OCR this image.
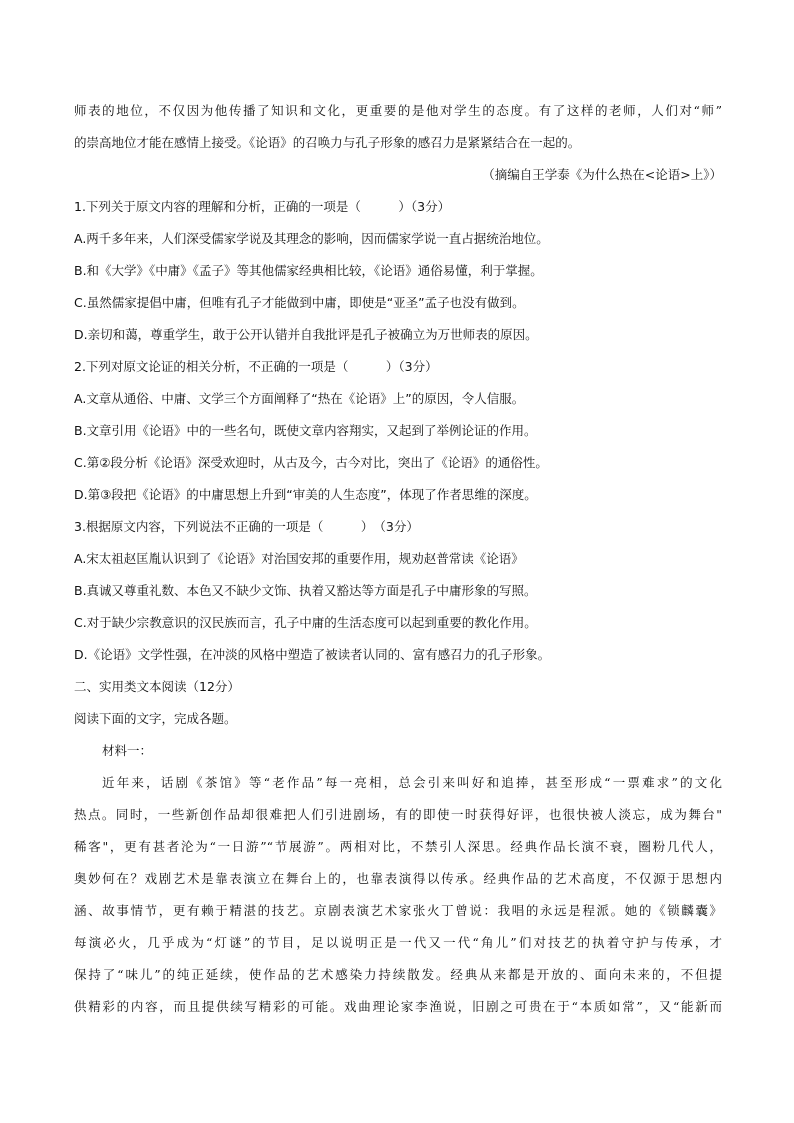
师表的地位，不仅因为他传播了知识和文化，更重要的是他对学生的态度。有了这样的老师，人们对“师”
的崇高地位才能在感情上接受。《论语》的召唤力与孔子形象的感召力是紧紧结合在一起的。
（摘编自王学泰《为什么热在<论语>上》）
1.下列关于原文内容的理解和分析，正确的一项是（　　　）（3分）
A.两千多年来，人们深受儒家学说及其理念的影响，因而儒家学说一直占据统治地位。
B.和《大学》《中庸》《孟子》等其他儒家经典相比较，《论语》通俗易懂，利于掌握。
C.虽然儒家提倡中庸，但唯有孔子才能做到中庸，即使是“亚圣”孟子也没有做到。
D.亲切和蔼，尊重学生，敢于公开认错并自我批评是孔子被确立为万世师表的原因。
2.下列对原文论证的相关分析，不正确的一项是（　　　）（3分）
A.文章从通俗、中庸、文学三个方面阐释了“热在《论语》上”的原因，令人信服。
B.文章引用《论语》中的一些名句，既使文章内容翔实，又起到了举例论证的作用。
C.第②段分析《论语》深受欢迎时，从古及今，古今对比，突出了《论语》的通俗性。
D.第③段把《论语》的中庸思想上升到“审美的人生态度”，体现了作者思维的深度。
3.根据原文内容，下列说法不正确的一项是（　　　）　（3分）
A.宋太祖赵匡胤认识到了《论语》对治国安邦的重要作用，规劝赵普常读《论语》
B.真诚又尊重礼数、本色又不缺少文饰、执着又豁达等方面是孔子中庸形象的写照。
C.对于缺少宗教意识的汉民族而言，孔子中庸的生活态度可以起到重要的教化作用。
D.《论语》文学性强，在冲淡的风格中塑造了被读者认同的、富有感召力的孔子形象。
二、实用类文本阅读（12分）
阅读下面的文字，完成各题。
材料一：
近年来，话剧《茶馆》等“老作品”每一亮相，总会引来叫好和追捧，甚至形成“一票难求”的文化
热点。同时，一些新创作品却很难把人们引进剧场，有的即使一时获得好评，也很快被人淡忘，成为舞台"
稀客"，更有甚者沦为“一日游”“节展游”。两相对比，不禁引人深思。经典作品长演不衰，圈粉几代人，
奥妙何在？戏剧艺术是靠表演立在舞台上的，也靠表演得以传承。经典作品的艺术高度，不仅源于思想内
涵、故事情节，更有赖于精湛的技艺。京剧表演艺术家张火丁曾说：我唱的永远是程派。她的《锁麟囊》
每演必火，几乎成为“灯谜”的节目，足以说明正是一代又一代“角儿”们对技艺的执着守护与传承，才
保持了“味儿”的纯正延续，使作品的艺术感染力持续散发。经典从来都是开放的、面向未来的，不但提
供精彩的内容，而且提供续写精彩的可能。戏曲理论家李渔说，旧剧之可贵在于“本质如常”，又“能新而
